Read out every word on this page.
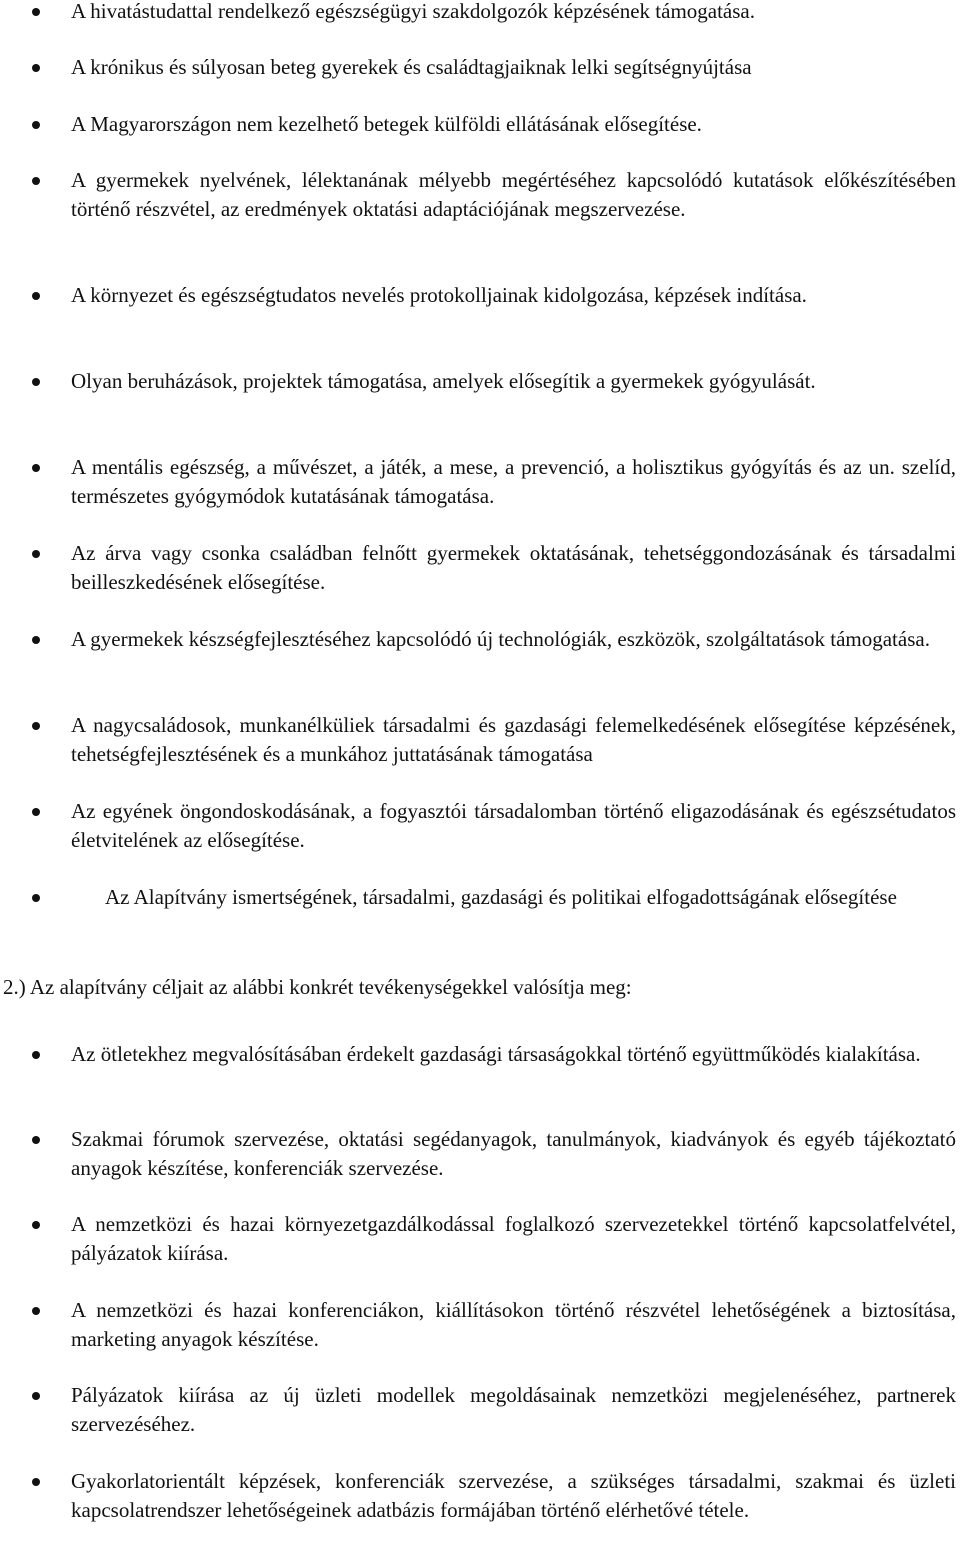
A hivatástudattal rendelkező egészségügyi szakdolgozók képzésének támogatása.

A krónikus és súlyosan beteg gyerekek és családtagjaiknak lelki segítségnyújtása

A Magyarországon nem kezelhető betegek külföldi ellátásának elősegítése.

A gyermekek nyelvének, lélektanának mélyebb megértéséhez kapcsolódó kutatások előkészítésében történő részvétel, az eredmények oktatási adaptációjának megszervezése.

A környezet és egészségtudatos nevelés protokolljainak kidolgozása, képzések indítása.

Olyan beruházások, projektek támogatása, amelyek elősegítik a gyermekek gyógyulását.

A mentális egészség, a művészet, a játék, a mese, a prevenció, a holisztikus gyógyítás és az un. szelíd, természetes gyógymódok kutatásának támogatása.

Az árva vagy csonka családban felnőtt gyermekek oktatásának, tehetséggondozásának és társadalmi beilleszkedésének elősegítése.

A gyermekek készségfejlesztéséhez kapcsolódó új technológiák, eszközök, szolgáltatások támogatása.

A nagycsaládosok, munkanélküliek társadalmi és gazdasági felemelkedésének elősegítése képzésének, tehetségfejlesztésének és a munkához juttatásának támogatása

Az egyének öngondoskodásának, a fogyasztói társadalomban történő eligazodásának és egészsétudatos életvitelének az elősegítése.

Az Alapítvány ismertségének, társadalmi, gazdasági és politikai elfogadottságának elősegítése

2.) Az alapítvány céljait az alábbi konkrét tevékenységekkel valósítja meg:

Az ötletekhez megvalósításában érdekelt gazdasági társaságokkal történő együttműködés kialakítása.

Szakmai fórumok szervezése, oktatási segédanyagok, tanulmányok, kiadványok és egyéb tájékoztató anyagok készítése, konferenciák szervezése.

A nemzetközi és hazai környezetgazdálkodással foglalkozó szervezetekkel történő kapcsolatfelvétel, pályázatok kiírása.

A nemzetközi és hazai konferenciákon, kiállításokon történő részvétel lehetőségének a biztosítása, marketing anyagok készítése.

Pályázatok kiírása az új üzleti modellek megoldásainak nemzetközi megjelenéséhez, partnerek szervezéséhez.

Gyakorlatorientált képzések, konferenciák szervezése, a szükséges társadalmi, szakmai és üzleti kapcsolatrendszer lehetőségeinek adatbázis formájában történő elérhetővé tétele.
